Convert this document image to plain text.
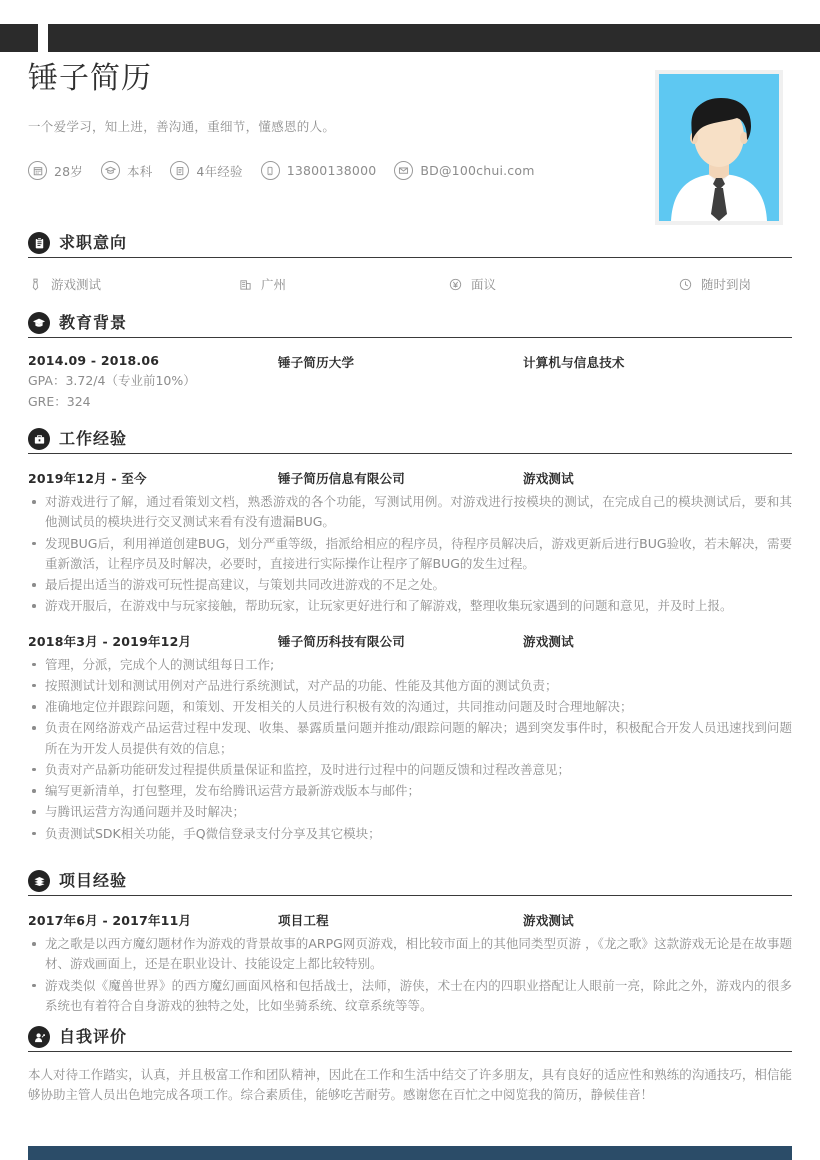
锤子简历
一个爱学习，知上进，善沟通，重细节，懂感恩的人。
28岁	本科	4年经验	13800138000	BD@100chui.com
求职意向
游戏测试	广州	面议	随时到岗
教育背景
2014.09 - 2018.06	锤子简历大学	计算机与信息技术
GPA：3.72/4（专业前10%）
GRE：324
工作经验
2019年12月 - 至今	锤子简历信息有限公司	游戏测试
对游戏进行了解，通过看策划文档，熟悉游戏的各个功能，写测试用例。对游戏进行按模块的测试，在完成自己的模块测试后，要和其他测试员的模块进行交叉测试来看有没有遗漏BUG。
发现BUG后，利用禅道创建BUG，划分严重等级，指派给相应的程序员，待程序员解决后，游戏更新后进行BUG验收，若未解决，需要重新激活，让程序员及时解决，必要时，直接进行实际操作让程序了解BUG的发生过程。
最后提出适当的游戏可玩性提高建议，与策划共同改进游戏的不足之处。
游戏开服后，在游戏中与玩家接触，帮助玩家，让玩家更好进行和了解游戏，整理收集玩家遇到的问题和意见，并及时上报。
2018年3月 - 2019年12月	锤子简历科技有限公司	游戏测试
管理，分派，完成个人的测试组每日工作;
按照测试计划和测试用例对产品进行系统测试，对产品的功能、性能及其他方面的测试负责；
准确地定位并跟踪问题，和策划、开发相关的人员进行积极有效的沟通过，共同推动问题及时合理地解决；
负责在网络游戏产品运营过程中发现、收集、暴露质量问题并推动/跟踪问题的解决；遇到突发事件时，积极配合开发人员迅速找到问题所在为开发人员提供有效的信息；
负责对产品新功能研发过程提供质量保证和监控，及时进行过程中的问题反馈和过程改善意见；
编写更新清单，打包整理，发布给腾讯运营方最新游戏版本与邮件；
与腾讯运营方沟通问题并及时解决；
负责测试SDK相关功能，手Q微信登录支付分享及其它模块；
项目经验
2017年6月 - 2017年11月	项目工程	游戏测试
龙之歌是以西方魔幻题材作为游戏的背景故事的ARPG网页游戏，相比较市面上的其他同类型页游 ，《龙之歌》这款游戏无论是在故事题材、游戏画面上，还是在职业设计、技能设定上都比较特别。
游戏类似《魔兽世界》的西方魔幻画面风格和包括战士，法师，游侠，术士在内的四职业搭配让人眼前一亮，除此之外，游戏内的很多系统也有着符合自身游戏的独特之处，比如坐骑系统、纹章系统等等。
自我评价
本人对待工作踏实，认真，并且极富工作和团队精神，因此在工作和生活中结交了许多朋友，具有良好的适应性和熟练的沟通技巧，相信能够协助主管人员出色地完成各项工作。综合素质佳，能够吃苦耐劳。感谢您在百忙之中阅览我的简历，静候佳音！
